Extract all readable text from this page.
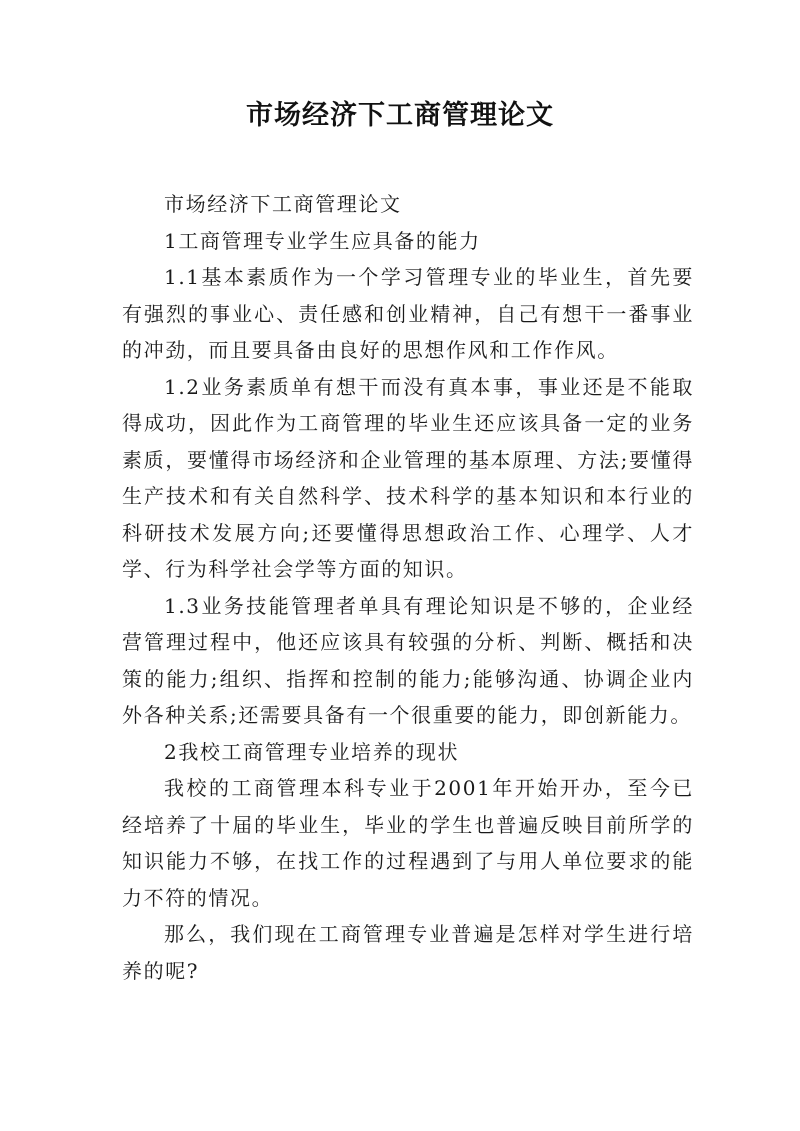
市场经济下工商管理论文

市场经济下工商管理论文

1工商管理专业学生应具备的能力

1.1基本素质作为一个学习管理专业的毕业生，首先要有强烈的事业心、责任感和创业精神，自己有想干一番事业的冲劲，而且要具备由良好的思想作风和工作作风。

1.2业务素质单有想干而没有真本事，事业还是不能取得成功，因此作为工商管理的毕业生还应该具备一定的业务素质，要懂得市场经济和企业管理的基本原理、方法;要懂得生产技术和有关自然科学、技术科学的基本知识和本行业的科研技术发展方向;还要懂得思想政治工作、心理学、人才学、行为科学社会学等方面的知识。

1.3业务技能管理者单具有理论知识是不够的，企业经营管理过程中，他还应该具有较强的分析、判断、概括和决策的能力;组织、指挥和控制的能力;能够沟通、协调企业内外各种关系;还需要具备有一个很重要的能力，即创新能力。

2我校工商管理专业培养的现状

我校的工商管理本科专业于2001年开始开办，至今已经培养了十届的毕业生，毕业的学生也普遍反映目前所学的知识能力不够，在找工作的过程遇到了与用人单位要求的能力不符的情况。

那么，我们现在工商管理专业普遍是怎样对学生进行培养的呢?
